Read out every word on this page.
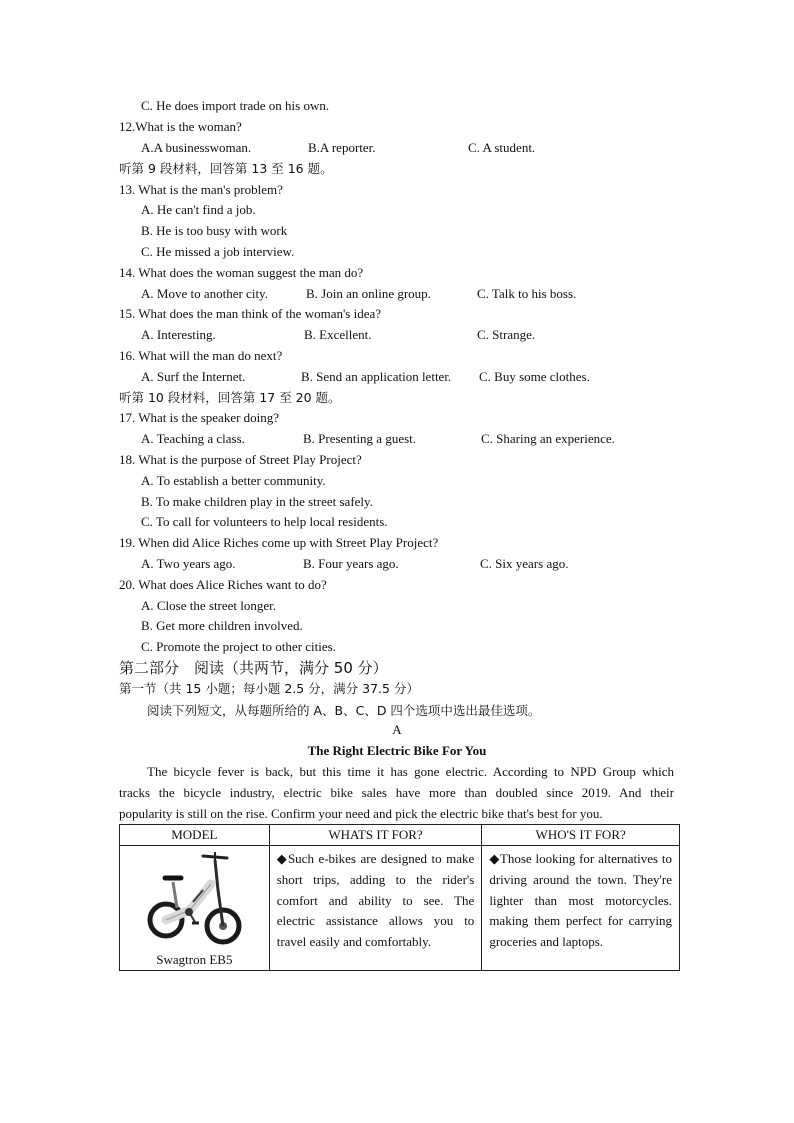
C. He does import trade on his own.
12.What is the woman?
A.A businesswoman.	B.A reporter.	C. A student.
听第 9 段材料，回答第 13 至 16 题。
13. What is the man's problem?
A. He can't find a job.
B. He is too busy with work
C. He missed a job interview.
14. What does the woman suggest the man do?
A. Move to another city.	B. Join an online group.	C. Talk to his boss.
15. What does the man think of the woman's idea?
A. Interesting.	B. Excellent.	C. Strange.
16. What will the man do next?
A. Surf the Internet.	B. Send an application letter. C. Buy some clothes.
听第 10 段材料，回答第 17 至 20 题。
17. What is the speaker doing?
A. Teaching a class.	B. Presenting a guest.	C. Sharing an experience.
18. What is the purpose of Street Play Project?
A. To establish a better community.
B. To make children play in the street safely.
C. To call for volunteers to help local residents.
19. When did Alice Riches come up with Street Play Project?
A. Two years ago.	B. Four years ago.	C. Six years ago.
20. What does Alice Riches want to do?
A. Close the street longer.
B. Get more children involved.
C. Promote the project to other cities.
第二部分　阅读（共两节，满分 50 分）
第一节（共 15 小题；每小题 2.5 分，满分 37.5 分）
阅读下列短文，从每题所给的 A、B、C、D 四个选项中选出最佳选项。
A
The Right Electric Bike For You
The bicycle fever is back, but this time it has gone electric. According to NPD Group which
tracks the bicycle industry, electric bike sales have more than doubled since 2019. And their
popularity is still on the rise. Confirm your need and pick the electric bike that's best for you.
MODEL	WHATS IT FOR?	WHO'S IT FOR?

Swagtron EB5	◆Such e-bikes are designed to make short trips, adding to the rider's comfort and ability to see. The electric assistance allows you to travel easily and comfortably.	◆Those looking for alternatives to driving around the town. They're lighter than most motorcycles. making them perfect for carrying groceries and laptops.
